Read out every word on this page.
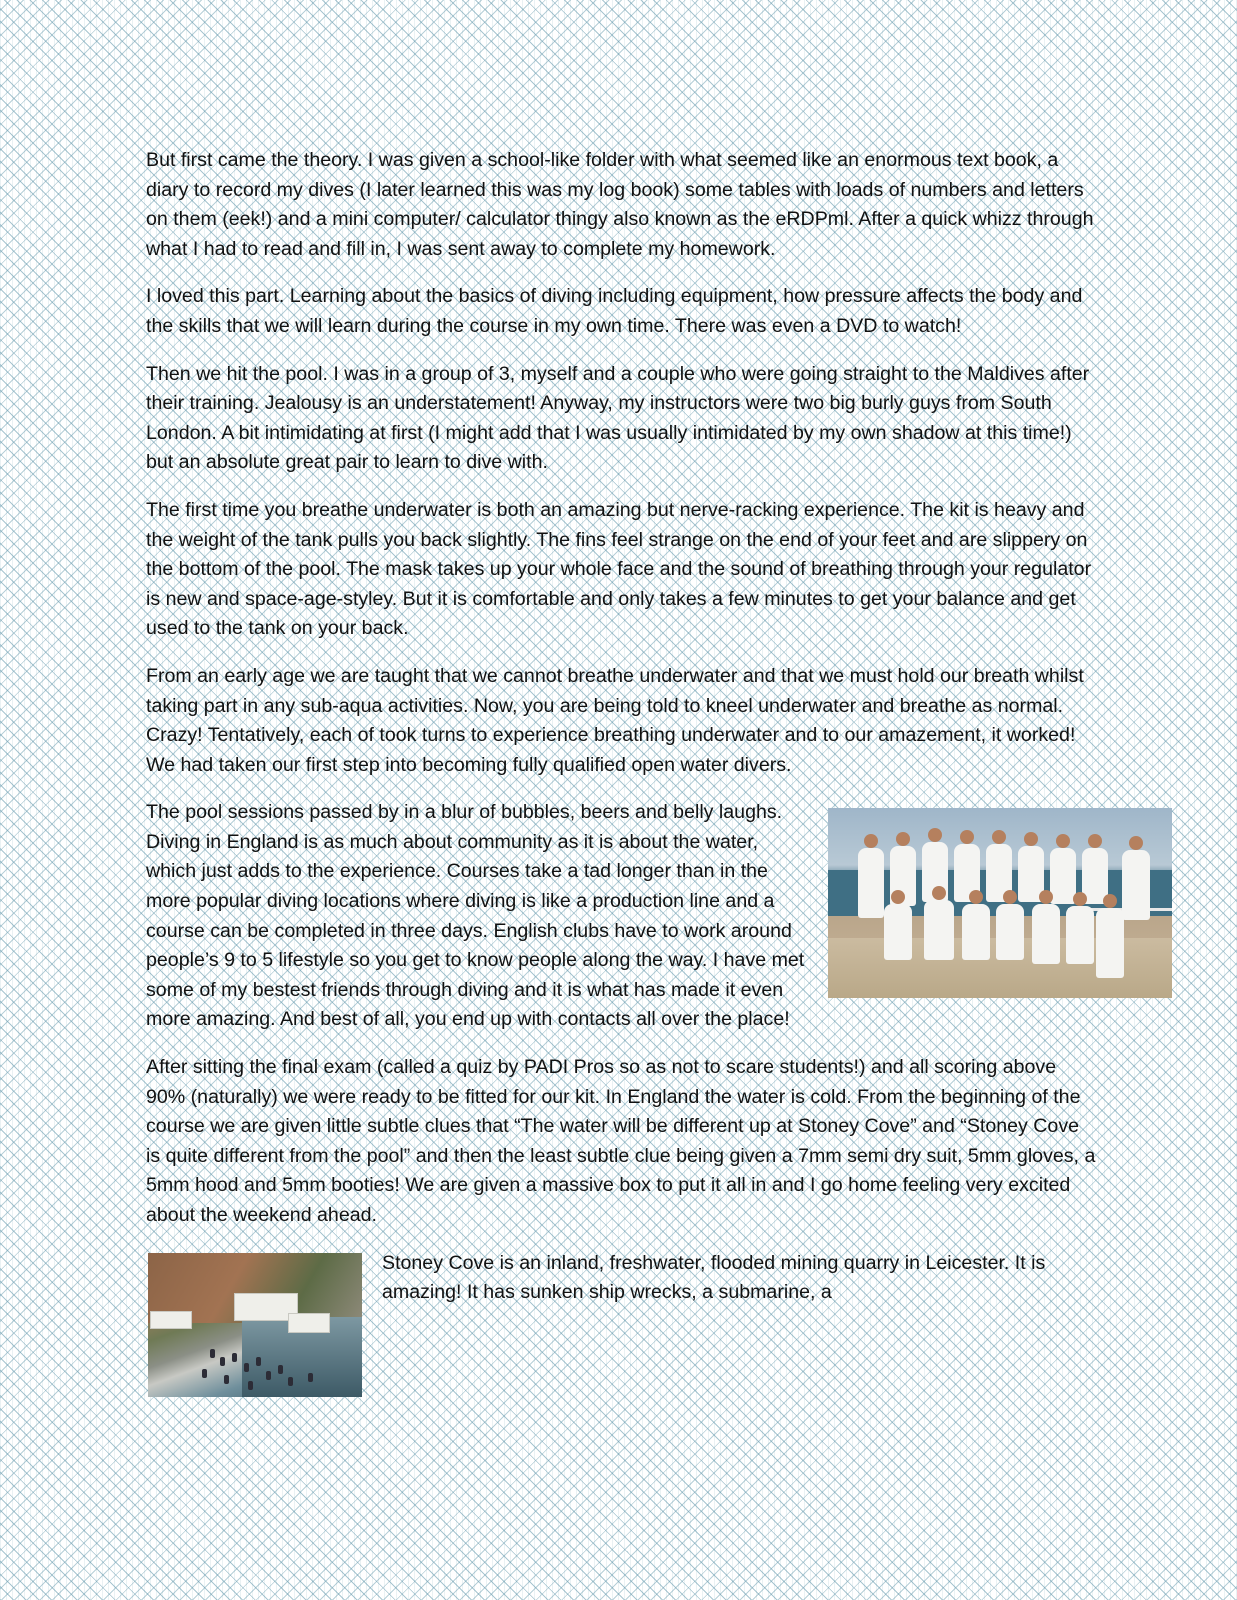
But first came the theory. I was given a school-like folder with what seemed like an enormous text book, a diary to record my dives (I later learned this was my log book) some tables with loads of numbers and letters on them (eek!) and a mini computer/ calculator thingy also known as the eRDPml. After a quick whizz through what I had to read and fill in, I was sent away to complete my homework.

I loved this part. Learning about the basics of diving including equipment, how pressure affects the body and the skills that we will learn during the course in my own time. There was even a DVD to watch!

Then we hit the pool. I was in a group of 3, myself and a couple who were going straight to the Maldives after their training. Jealousy is an understatement! Anyway, my instructors were two big burly guys from South London. A bit intimidating at first (I might add that I was usually intimidated by my own shadow at this time!) but an absolute great pair to learn to dive with.

The first time you breathe underwater is both an amazing but nerve-racking experience. The kit is heavy and the weight of the tank pulls you back slightly. The fins feel strange on the end of your feet and are slippery on the bottom of the pool. The mask takes up your whole face and the sound of breathing through your regulator is new and space-age-styley. But it is comfortable and only takes a few minutes to get your balance and get used to the tank on your back.

From an early age we are taught that we cannot breathe underwater and that we must hold our breath whilst taking part in any sub-aqua activities. Now, you are being told to kneel underwater and breathe as normal. Crazy! Tentatively, each of took turns to experience breathing underwater and to our amazement, it worked! We had taken our first step into becoming fully qualified open water divers.

The pool sessions passed by in a blur of bubbles, beers and belly laughs. Diving in England is as much about community as it is about the water, which just adds to the experience. Courses take a tad longer than in the more popular diving locations where diving is like a production line and a course can be completed in three days. English clubs have to work around people’s 9 to 5 lifestyle so you get to know people along the way. I have met some of my bestest friends through diving and it is what has made it even more amazing. And best of all, you end up with contacts all over the place!

After sitting the final exam (called a quiz by PADI Pros so as not to scare students!) and all scoring above 90% (naturally) we were ready to be fitted for our kit. In England the water is cold. From the beginning of the course we are given little subtle clues that “The water will be different up at Stoney Cove” and “Stoney Cove is quite different from the pool” and then the least subtle clue being given a 7mm semi dry suit, 5mm gloves, a 5mm hood and 5mm booties! We are given a massive box to put it all in and I go home feeling very excited about the weekend ahead.

Stoney Cove is an inland, freshwater, flooded mining quarry in Leicester. It is amazing! It has sunken ship wrecks, a submarine, a
